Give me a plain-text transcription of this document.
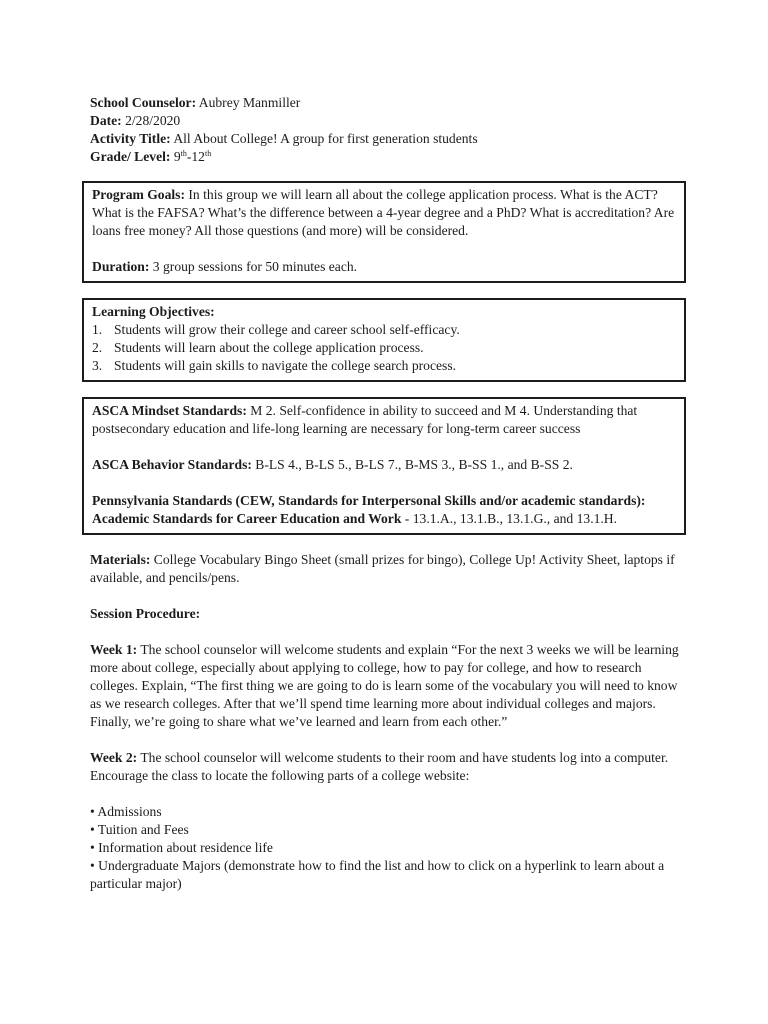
School Counselor: Aubrey Manmiller

Date: 2/28/2020

Activity Title: All About College! A group for first generation students

Grade/ Level: 9th-12th

Program Goals: In this group we will learn all about the college application process. What is the ACT? What is the FAFSA? What’s the difference between a 4-year degree and a PhD? What is accreditation? Are loans free money? All those questions (and more) will be considered.

Duration: 3 group sessions for 50 minutes each.

Learning Objectives:

1. Students will grow their college and career school self-efficacy.
2. Students will learn about the college application process.
3. Students will gain skills to navigate the college search process.

ASCA Mindset Standards: M 2. Self-confidence in ability to succeed and M 4. Understanding that postsecondary education and life-long learning are necessary for long-term career success

ASCA Behavior Standards: B-LS 4., B-LS 5., B-LS 7., B-MS 3., B-SS 1., and B-SS 2.

Pennsylvania Standards (CEW, Standards for Interpersonal Skills and/or academic standards): Academic Standards for Career Education and Work - 13.1.A., 13.1.B., 13.1.G., and 13.1.H.

Materials: College Vocabulary Bingo Sheet (small prizes for bingo), College Up! Activity Sheet, laptops if available, and pencils/pens.

Session Procedure:

Week 1: The school counselor will welcome students and explain “For the next 3 weeks we will be learning more about college, especially about applying to college, how to pay for college, and how to research colleges. Explain, “The first thing we are going to do is learn some of the vocabulary you will need to know as we research colleges. After that we’ll spend time learning more about individual colleges and majors. Finally, we’re going to share what we’ve learned and learn from each other.”

Week 2: The school counselor will welcome students to their room and have students log into a computer. Encourage the class to locate the following parts of a college website:

• Admissions

• Tuition and Fees

• Information about residence life

• Undergraduate Majors (demonstrate how to find the list and how to click on a hyperlink to learn about a particular major)
